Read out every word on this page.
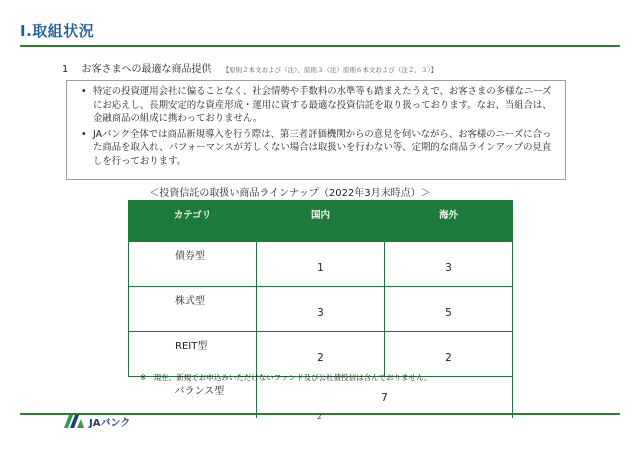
Ⅰ.取組状況
1 お客さまへの最適な商品提供 【原則２本文および（注）、原則３（注）原則６本文および（注２、３）】
• 特定の投資運用会社に偏ることなく、社会情勢や手数料の水準等も踏まえたうえで、お客さまの多様なニーズにお応えし、長期安定的な資産形成・運用に資する最適な投資信託を取り扱っております。なお、当組合は、金融商品の組成に携わっておりません。
• JAバンク全体では商品新規導入を行う際は、第三者評価機関からの意見を伺いながら、お客様のニーズに合った商品を取入れ、パフォーマンスが芳しくない場合は取扱いを行わない等、定期的な商品ラインアップの見直しを行っております。
＜投資信託の取扱い商品ラインナップ（2022年3月末時点）＞
カテゴリ	国内	海外
債券型	1	3
株式型	3	5
REIT型	2	2
バランス型	7	
※　現在、新規でお申込みいただけないファンド及び公社債投信は含んでおりません。
JAバンク
2
